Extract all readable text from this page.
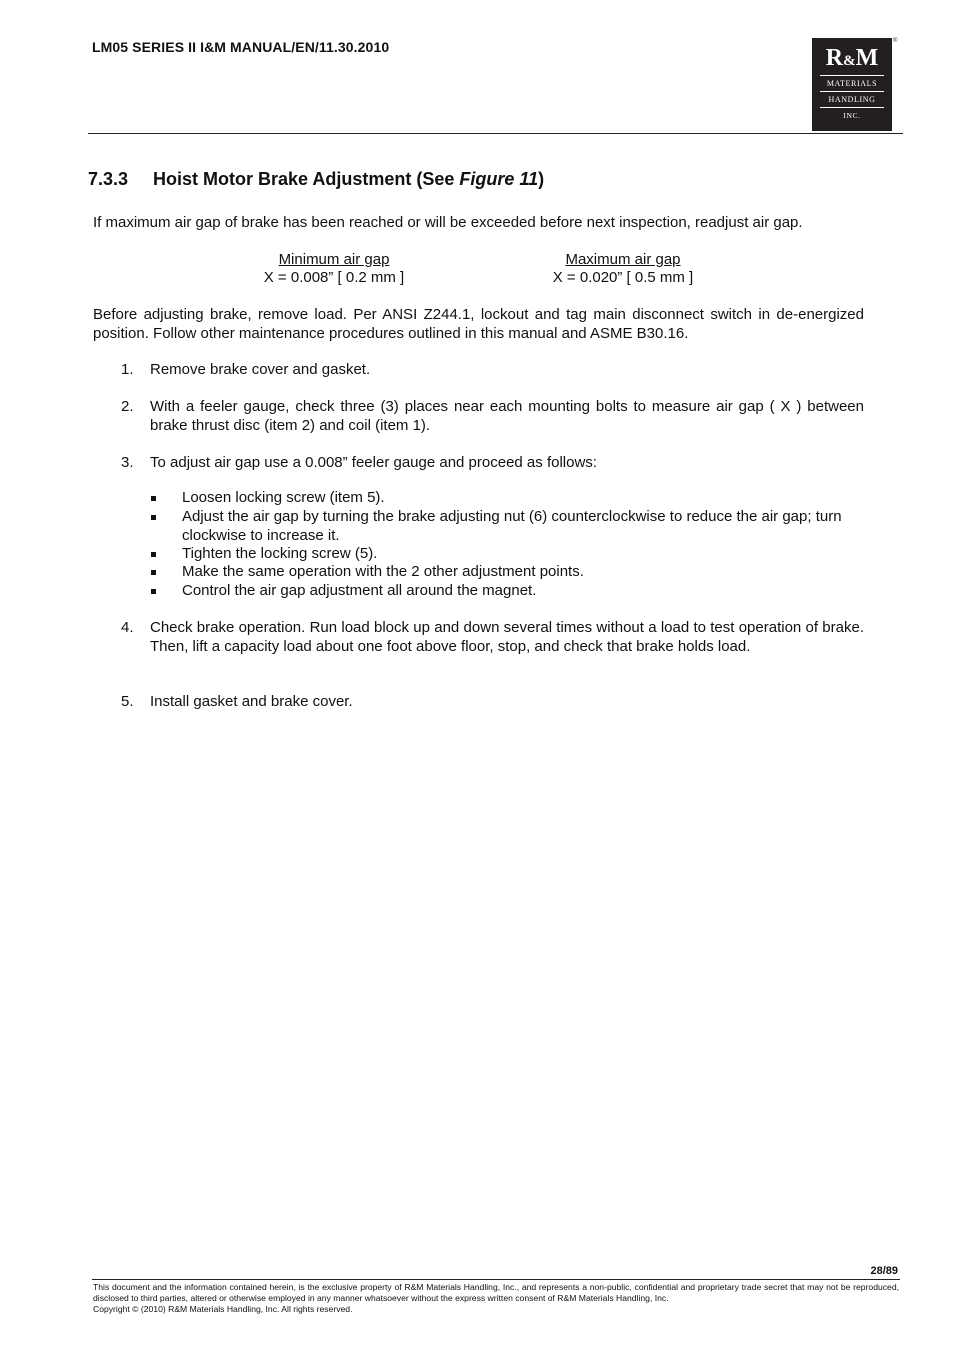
LM05 SERIES II I&M MANUAL/EN/11.30.2010	R&M
MATERIALS
HANDLING
INC.
®
7.3.3 Hoist Motor Brake Adjustment (See Figure 11)
If maximum air gap of brake has been reached or will be exceeded before next inspection, readjust air gap.
Minimum air gap
X = 0.008” [ 0.2 mm ]
Maximum air gap
X = 0.020” [ 0.5 mm ]
Before adjusting brake, remove load. Per ANSI Z244.1, lockout and tag main disconnect switch in de-energized position. Follow other maintenance procedures outlined in this manual and ASME B30.16.
1. Remove brake cover and gasket.
2. With a feeler gauge, check three (3) places near each mounting bolts to measure air gap ( X ) between brake thrust disc (item 2) and coil (item 1).
3. To adjust air gap use a 0.008” feeler gauge and proceed as follows:
Loosen locking screw (item 5).
Adjust the air gap by turning the brake adjusting nut (6) counterclockwise to reduce the air gap; turn clockwise to increase it.
Tighten the locking screw (5).
Make the same operation with the 2 other adjustment points.
Control the air gap adjustment all around the magnet.
4. Check brake operation. Run load block up and down several times without a load to test operation of brake. Then, lift a capacity load about one foot above floor, stop, and check that brake holds load.
5. Install gasket and brake cover.
28/89
This document and the information contained herein, is the exclusive property of R&M Materials Handling, Inc., and represents a non-public, confidential and proprietary trade secret that may not be reproduced, disclosed to third parties, altered or otherwise employed in any manner whatsoever without the express written consent of R&M Materials Handling, Inc.
Copyright © (2010) R&M Materials Handling, Inc. All rights reserved.
